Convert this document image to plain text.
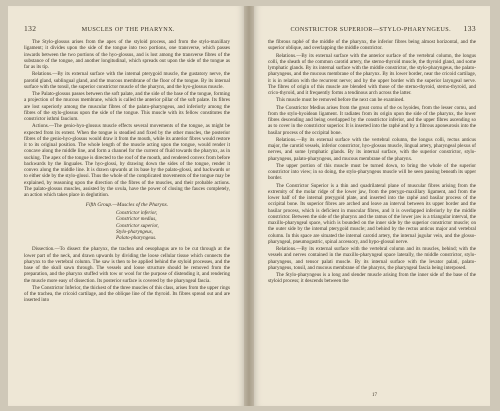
132	MUSCLES OF THE PHARYNX.

The Stylo-glossus arises from the apex of the styloid process, and from the stylo-maxillary ligament; it divides upon the side of the tongue into two portions, one transverse, which passes inwards between the two portions of the hyo-glossus, and is lost among the transverse fibres of the substance of the tongue, and another longitudinal, which spreads out upon the side of the tongue as far as its tip.

Relations.—By its external surface with the internal pterygoid muscle, the gustatory nerve, the parotid gland, sublingual gland, and the mucous membrane of the floor of the tongue. By its internal surface with the tonsil, the superior constrictor muscle of the pharynx, and the hyo-glossus muscle.

The Palato-glossus passes between the soft palate, and the side of the base of the tongue, forming a projection of the mucous membrane, which is called the anterior pillar of the soft palate. Its fibres are lost superiorly among the muscular fibres of the palato-pharyngeus, and inferiorly among the fibres of the stylo-glossus upon the side of the tongue. This muscle with its fellow constitutes the constrictor isthmi faucium.

Actions.—The genio-hyo-glossus muscle effects several movements of the tongue, as might be expected from its extent. When the tongue is steadied and fixed by the other muscles, the posterior fibres of the genio-hyo-glossus would draw it from the mouth, while its anterior fibres would restore it to its original position. The whole length of the muscle acting upon the tongue, would render it concave along the middle line, and form a channel for the current of fluid towards the pharynx, as in sucking. The apex of the tongue is directed to the roof of the mouth, and rendered convex from before backwards by the linguales. The hyo-glossi, by drawing down the sides of the tongue, render it convex along the middle line. It is drawn upwards at its base by the palato-glossi, and backwards or to either side by the stylo-glossi. Thus the whole of the complicated movements of the tongue may be explained, by reasoning upon the direction of the fibres of the muscles, and their probable actions. The palato-glossus muscles, assisted by the uvula, have the power of closing the fauces completely, an action which takes place in deglutition.

Fifth Group.—Muscles of the Pharynx.
Constrictor inferior,
Constrictor medius,
Constrictor superior,
Stylo-pharyngeus,
Palato-pharyngeus.

Dissection.—To dissect the pharynx, the trachea and oesophagus are to be cut through at the lower part of the neck, and drawn upwards by dividing the loose cellular tissue which connects the pharynx to the vertebral column. The saw is then to be applied behind the styloid processes, and the base of the skull sawn through. The vessels and loose structure should be removed from the preparation, and the pharynx stuffed with tow or wool for the purpose of distending it, and rendering the muscle more easy of dissection. Its posterior surface is covered by the pharyngeal fascia.

The Constrictor Inferior, the thickest of the three muscles of this class, arises from the upper rings of the trachea, the cricoid cartilage, and the oblique line of the thyroid. Its fibres spread out and are inserted into

CONSTRICTOR SUPERIOR—STYLO-PHARYNGEUS. 133

the fibrous raphé of the middle of the pharynx, the inferior fibres being almost horizontal, and the superior oblique, and overlapping the middle constrictor.

Relations.—By its external surface with the anterior surface of the vertebral column, the longus colli, the sheath of the common carotid artery, the sterno-thyroid muscle, the thyroid gland, and some lymphatic glands. By its internal surface with the middle constrictor, the stylo-pharyngeus, the palato-pharyngeus, and the mucous membrane of the pharynx. By its lower border, near the cricoid cartilage, it is in relation with the recurrent nerve; and by the upper border with the superior laryngeal nerve. The fibres of origin of this muscle are blended with those of the sterno-thyroid, sterno-thyroid, and crico-thyroid, and it frequently forms a tendinous arch across the latter.

This muscle must be removed before the next can be examined.

The Constrictor Medius arises from the great cornu of the os hyoides, from the lesser cornu, and from the stylo-hyoidean ligament. It radiates from its origin upon the side of the pharynx, the lower fibres descending and being overlapped by the constrictor inferior, and the upper fibres ascending so as to cover in the constrictor superior. It is inserted into the raphé and by a fibrous aponeurosis into the basilar process of the occipital bone.

Relations.—By its external surface with the vertebral column, the longus colli, rectus anticus major, the carotid vessels, inferior constrictor, hyo-glossus muscle, lingual artery, pharyngeal plexus of nerves, and some lymphatic glands. By its internal surface, with the superior constrictor, stylo-pharyngeus, palato-pharyngeus, and mucous membrane of the pharynx.

The upper portion of this muscle must be turned down, to bring the whole of the superior constrictor into view; in so doing, the stylo-pharyngeus muscle will be seen passing beneath its upper border.

The Constrictor Superior is a thin and quadrilateral plane of muscular fibres arising from the extremity of the molar ridge of the lower jaw, from the pterygo-maxillary ligament, and from the lower half of the internal pterygoid plate, and inserted into the raphé and basilar process of the occipital bone. Its superior fibres are arched and leave an interval between its upper border and the basilar process, which is deficient in muscular fibres, and it is overlapped inferiorly by the middle constrictor. Between the side of the pharynx and the ramus of the lower jaw is a triangular interval, the maxillo-pharyngeal space, which is bounded on the inner side by the superior constrictor muscle; on the outer side by the internal pterygoid muscle; and behind by the rectus anticus major and vertebral column. In this space are situated the internal carotid artery, the internal jugular vein, and the glosso-pharyngeal, pneumogastric, spinal accessory, and hypo-glossal nerve.

Relations.—By its external surface with the vertebral column and its muscles, behind; with the vessels and nerves contained in the maxillo-pharyngeal space laterally, the middle constrictor, stylo-pharyngeus, and tensor palati muscle. By its internal surface with the levator palati, palato-pharyngeus, tonsil, and mucous membrane of the pharynx, the pharyngeal fascia being interposed.

The Stylo-pharyngeus is a long and slender muscle arising from the inner side of the base of the styloid process; it descends between the

17
